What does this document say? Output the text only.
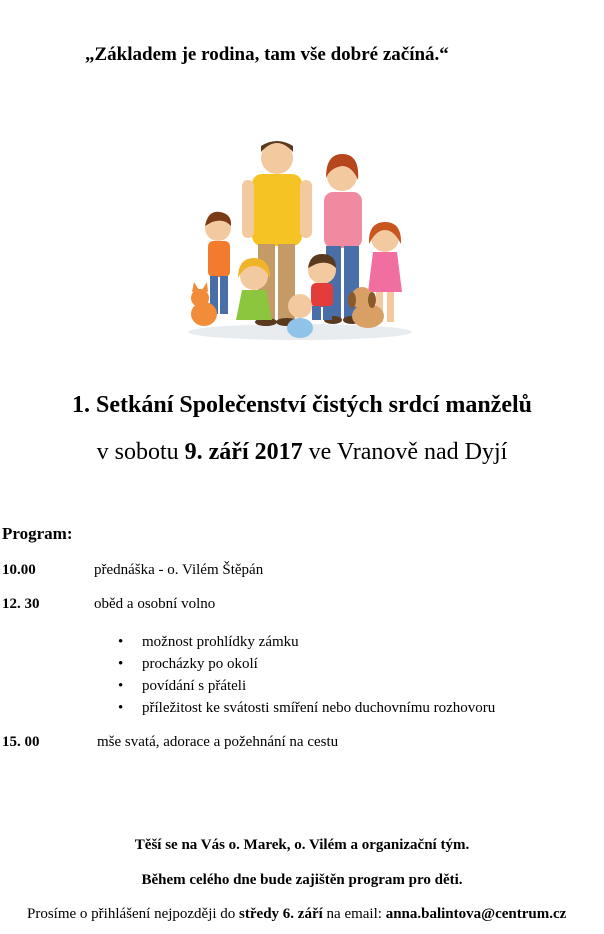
„Základem je rodina, tam vše dobré začíná.“
1. Setkání Společenství čistých srdcí manželů
v sobotu 9. září 2017 ve Vranově nad Dyjí
Program:
10.00	přednáška - o. Vilém Štěpán
12. 30	oběd a osobní volno
• možnost prohlídky zámku
• procházky po okolí
• povídání s přáteli
• příležitost ke svátosti smíření nebo duchovnímu rozhovoru
15. 00	mše svatá, adorace a požehnání na cestu
Těší se na Vás o. Marek, o. Vilém a organizační tým.
Během celého dne bude zajištěn program pro děti.
Prosíme o přihlášení nejpozději do středy 6. září na email: anna.balintova@centrum.cz
